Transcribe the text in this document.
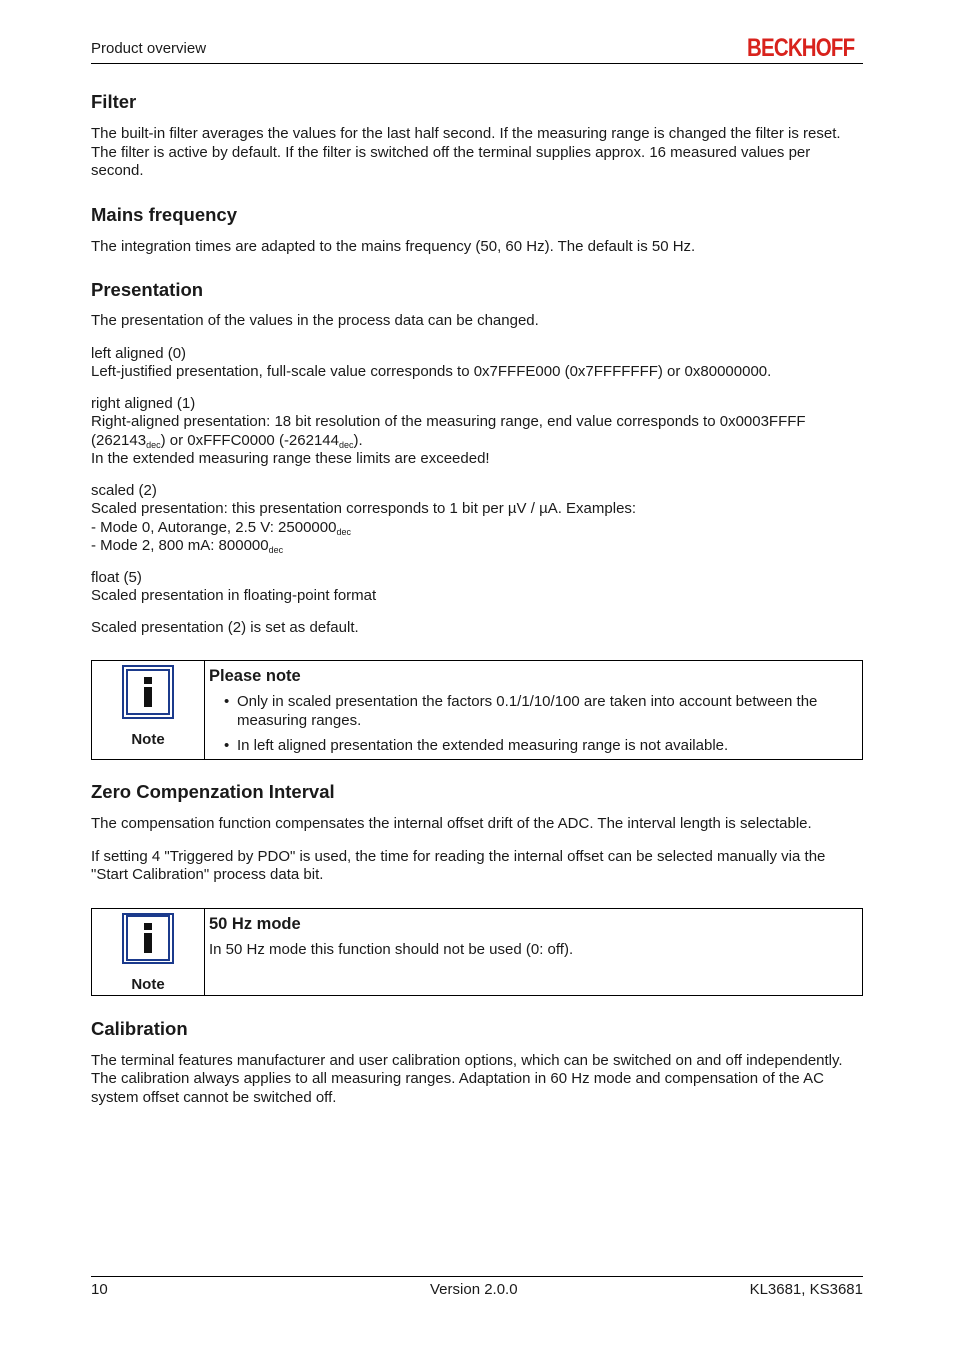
Product overview	BECKHOFF
Filter

The built-in filter averages the values for the last half second. If the measuring range is changed the filter is reset. The filter is active by default. If the filter is switched off the terminal supplies approx. 16 measured values per second.

Mains frequency

The integration times are adapted to the mains frequency (50, 60 Hz). The default is 50 Hz.

Presentation

The presentation of the values in the process data can be changed.

left aligned (0)

Left-justified presentation, full-scale value corresponds to 0x7FFFE000 (0x7FFFFFFF) or 0x80000000.

right aligned (1)

Right-aligned presentation: 18 bit resolution of the measuring range, end value corresponds to 0x0003FFFF $(262143_{dec})$ or 0xFFFC0000 $(-262144_{dec})$.

In the extended measuring range these limits are exceeded!

scaled (2)

Scaled presentation: this presentation corresponds to 1 bit per µV / µA. Examples:

- Mode 0, Autorange, 2.5 V: $2500000_{dec}$

- Mode 2, 800 mA: $800000_{dec}$

float (5)

Scaled presentation in floating-point format

Scaled presentation (2) is set as default.

Note
Please note
• Only in scaled presentation the factors 0.1/1/10/100 are taken into account between the measuring ranges.
• In left aligned presentation the extended measuring range is not available.
Zero Compenzation Interval

The compensation function compensates the internal offset drift of the ADC. The interval length is selectable.

If setting 4 "Triggered by PDO" is used, the time for reading the internal offset can be selected manually via the "Start Calibration" process data bit.

Note
50 Hz mode

In 50 Hz mode this function should not be used (0: off).

Calibration

The terminal features manufacturer and user calibration options, which can be switched on and off independently. The calibration always applies to all measuring ranges. Adaptation in 60 Hz mode and compensation of the AC system offset cannot be switched off.

10	Version 2.0.0	KL3681, KS3681
